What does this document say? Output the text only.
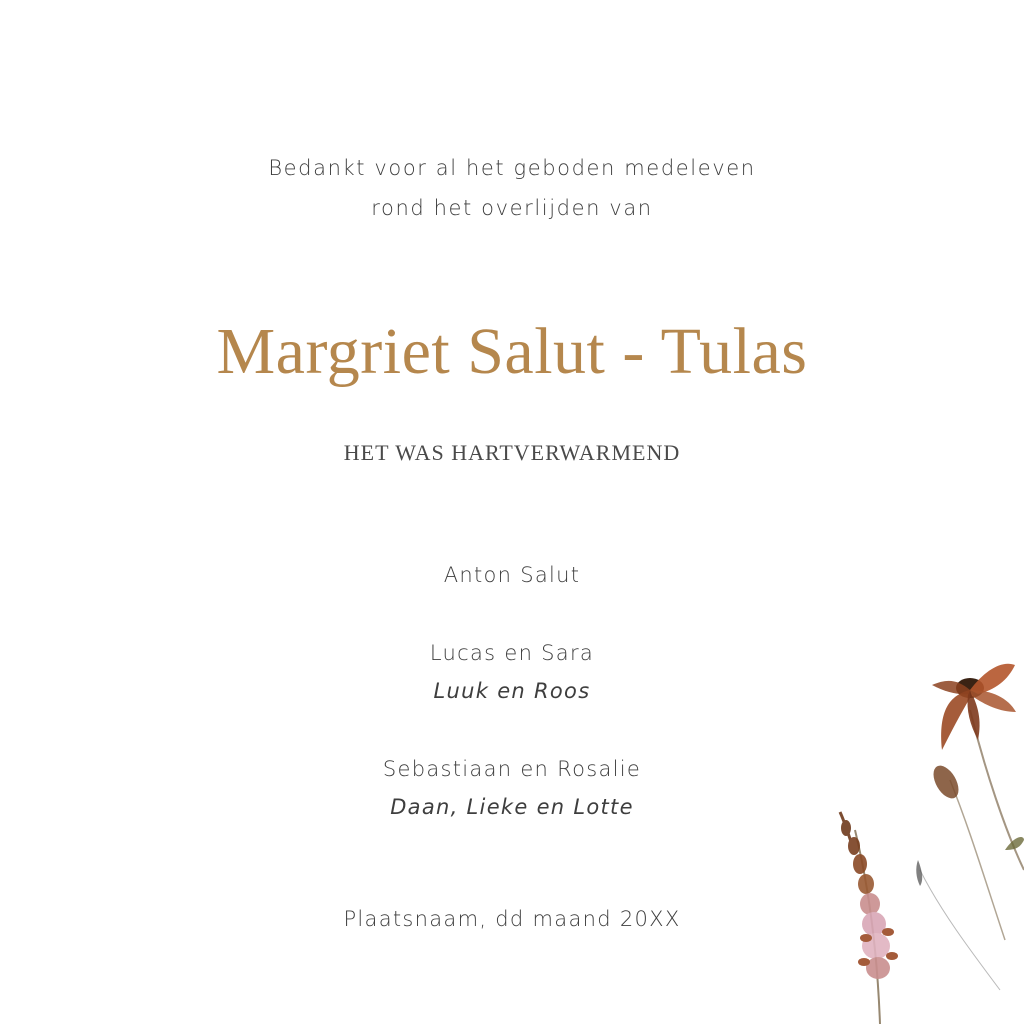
Bedankt voor al het geboden medeleven
rond het overlijden van
Margriet Salut - Tulas
HET WAS HARTVERWARMEND
Anton Salut
Lucas en Sara
Luuk en Roos
Sebastiaan en Rosalie
Daan, Lieke en Lotte
Plaatsnaam, dd maand 20XX
